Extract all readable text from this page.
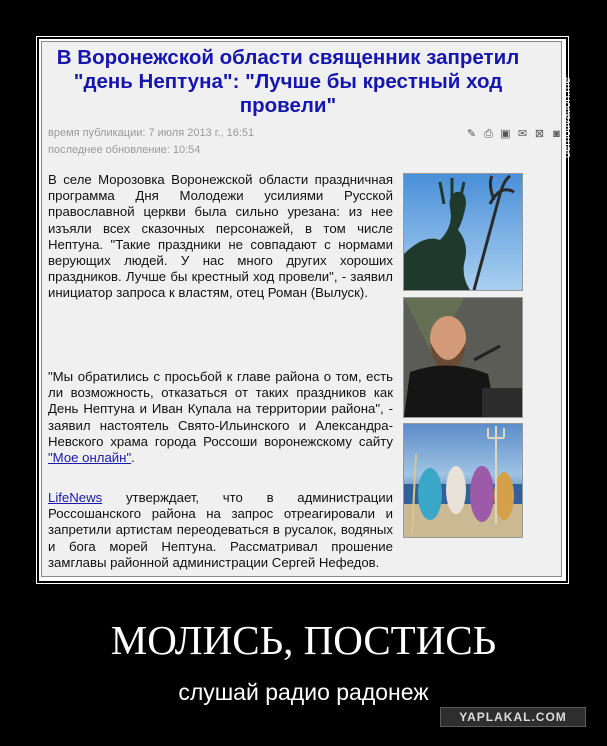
В Воронежской области священник запретил "день Нептуна": "Лучше бы крестный ход провели"
время публикации: 7 июля 2013 г., 16:51
последнее обновление: 10:54
✎ ⎙ ▣ ✉ ⊠ ◙
В селе Морозовка Воронежской области праздничная программа Дня Молодежи усилиями Русской православной церкви была сильно урезана: из нее изъяли всех сказочных персонажей, в том числе Нептуна. "Такие праздники не совпадают с нормами верующих людей. У нас много других хороших праздников. Лучше бы крестный ход провели", - заявил инициатор запроса к властям, отец Роман (Вылуск).
"Мы обратились с просьбой к главе района о том, есть ли возможность, отказаться от таких праздников как День Нептуна и Иван Купала на территории района", - заявил настоятель Свято-Ильинского и Александра-Невского храма города Россоши воронежскому сайту "Мое онлайн".
LifeNews утверждает, что в администрации Россошанского района на запрос отреагировали и запретили артистам переодеваться в русалок, водяных и бога морей Нептуна. Рассматривал прошение замглавы районной администрации Сергей Нефедов.
demotivation.me
МОЛИСЬ, ПОСТИСЬ
слушай радио радонеж
YAPLAKAL.COM
